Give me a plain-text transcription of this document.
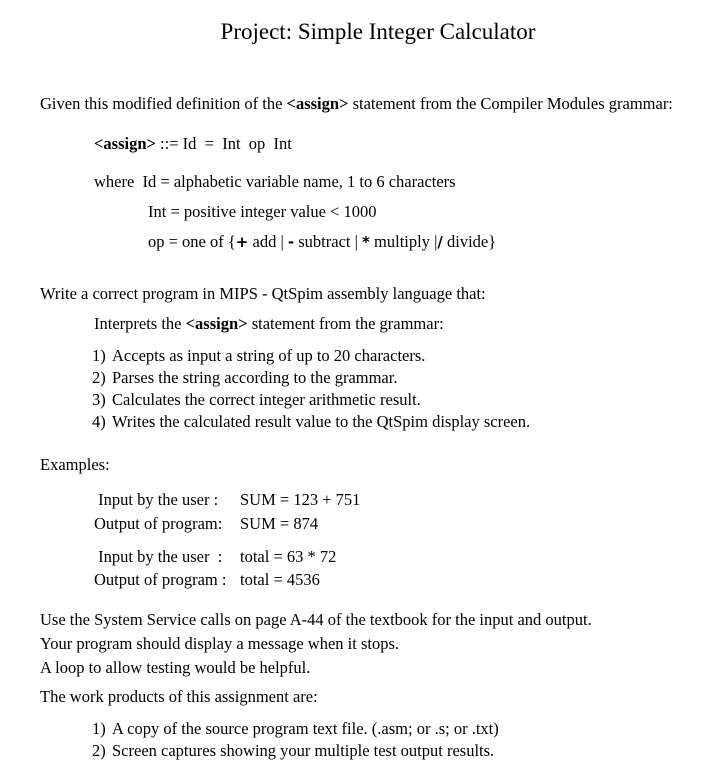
Project: Simple Integer Calculator
Given this modified definition of the <assign> statement from the Compiler Modules grammar:
<assign> ::= Id  =  Int  op  Int
where  Id = alphabetic variable name, 1 to 6 characters
Int = positive integer value < 1000
op = one of {+ add | - subtract | * multiply |/ divide}
Write a correct program in MIPS - QtSpim assembly language that:
Interprets the <assign> statement from the grammar:
1) Accepts as input a string of up to 20 characters.
2) Parses the string according to the grammar.
3) Calculates the correct integer arithmetic result.
4) Writes the calculated result value to the QtSpim display screen.
Examples:
Input by the user : SUM = 123 + 751
Output of program: SUM = 874
Input by the user  : total = 63 * 72
Output of program : total = 4536
Use the System Service calls on page A-44 of the textbook for the input and output.
Your program should display a message when it stops.
A loop to allow testing would be helpful.
The work products of this assignment are:
1) A copy of the source program text file. (.asm; or .s; or .txt)
2) Screen captures showing your multiple test output results.
